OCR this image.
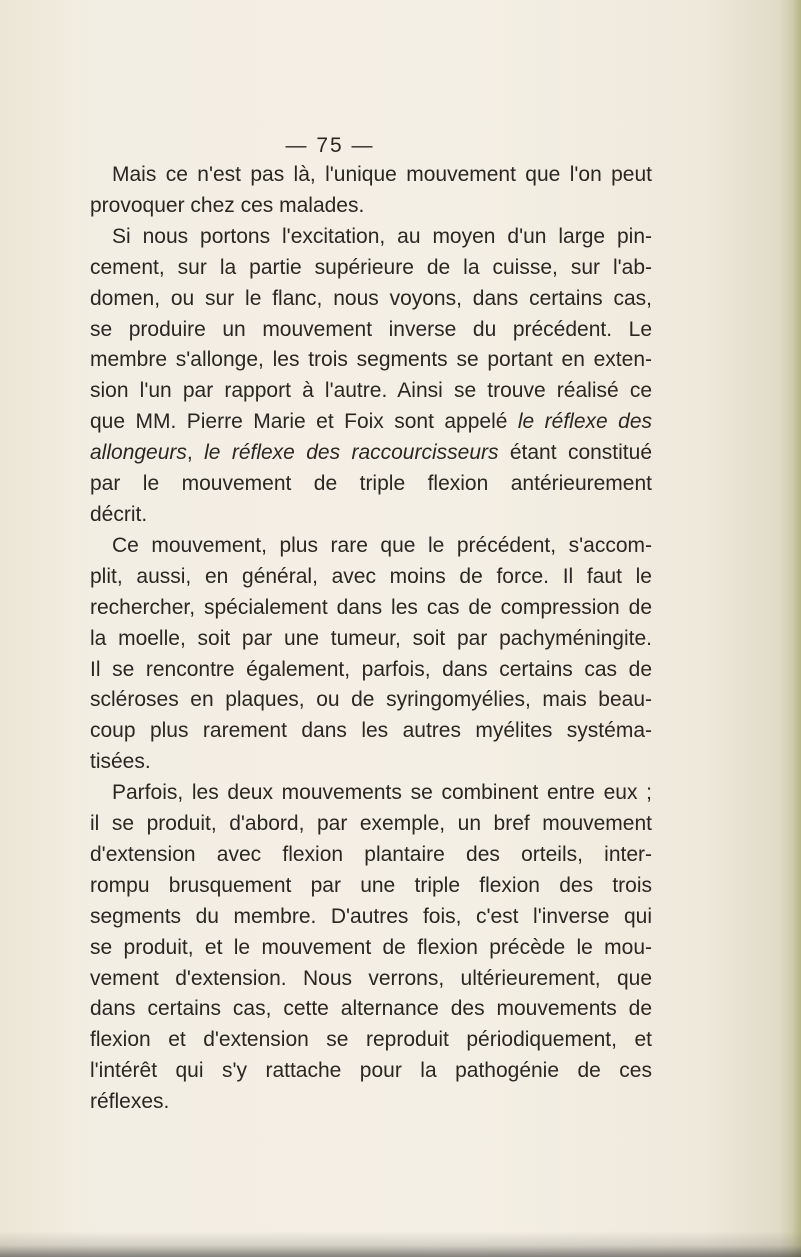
— 75 —
Mais ce n'est pas là, l'unique mouvement que l'on peut
provoquer chez ces malades.
Si nous portons l'excitation, au moyen d'un large pin-
cement, sur la partie supérieure de la cuisse, sur l'ab-
domen, ou sur le flanc, nous voyons, dans certains cas,
se produire un mouvement inverse du précédent. Le
membre s'allonge, les trois segments se portant en exten-
sion l'un par rapport à l'autre. Ainsi se trouve réalisé ce
que MM. Pierre Marie et Foix sont appelé le réflexe des
allongeurs, le réflexe des raccourcisseurs étant constitué
par le mouvement de triple flexion antérieurement
décrit.
Ce mouvement, plus rare que le précédent, s'accom-
plit, aussi, en général, avec moins de force. Il faut le
rechercher, spécialement dans les cas de compression de
la moelle, soit par une tumeur, soit par pachyméningite.
Il se rencontre également, parfois, dans certains cas de
scléroses en plaques, ou de syringomyélies, mais beau-
coup plus rarement dans les autres myélites systéma-
tisées.
Parfois, les deux mouvements se combinent entre eux ;
il se produit, d'abord, par exemple, un bref mouvement
d'extension avec flexion plantaire des orteils, inter-
rompu brusquement par une triple flexion des trois
segments du membre. D'autres fois, c'est l'inverse qui
se produit, et le mouvement de flexion précède le mou-
vement d'extension. Nous verrons, ultérieurement, que
dans certains cas, cette alternance des mouvements de
flexion et d'extension se reproduit périodiquement, et
l'intérêt qui s'y rattache pour la pathogénie de ces
réflexes.
